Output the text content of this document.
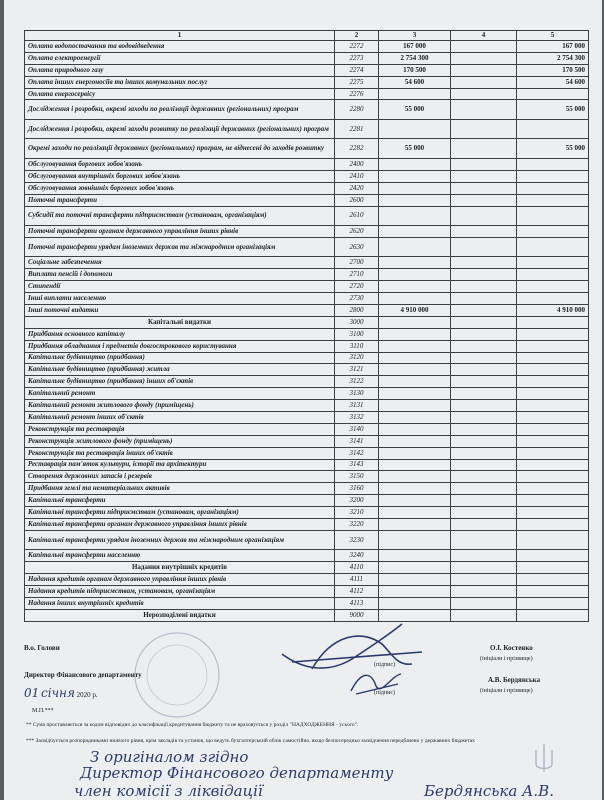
1	2	3	4	5
Оплата водопостачання та водовідведення	2272	167 000		167 000
Оплата електроенергії	2273	2 754 300		2 754 300
Оплата природного газу	2274	170 500		170 500
Оплата інших енергоносіїв та інших комунальних послуг	2275	54 600		54 600
Оплата енергосервісу	2276			
Дослідження і розробки, окремі заходи по реалізації державних (регіональних) програм	2280	55 000		55 000
Дослідження і розробки, окремі заходи розвитку по реалізації державних (регіональних) програм	2281			
Окремі заходи по реалізації державних (регіональних) програм, не віднесені до заходів розвитку	2282	55 000		55 000
Обслуговування боргових зобов'язань	2400			
Обслуговування внутрішніх боргових зобов'язань	2410			
Обслуговування зовнішніх боргових зобов'язань	2420			
Поточні трансферти	2600			
Субсидії та поточні трансферти підприємствам (установам, організаціям)	2610			
Поточні трансферти органам державного управління інших рівнів	2620			
Поточні трансферти урядам іноземних держав та міжнародним організаціям	2630			
Соціальне забезпечення	2700			
Виплата пенсій і допомоги	2710			
Стипендії	2720			
Інші виплати населенню	2730			
Інші поточні видатки	2800	4 910 000		4 910 000
Капітальні видатки	3000			
Придбання основного капіталу	3100			
Придбання обладнання і предметів довгострокового користування	3110			
Капітальне будівництво (придбання)	3120			
Капітальне будівництво (придбання) житла	3121			
Капітальне будівництво (придбання) інших об'єктів	3122			
Капітальний ремонт	3130			
Капітальний ремонт житлового фонду (приміщень)	3131			
Капітальний ремонт інших об'єктів	3132			
Реконструкція та реставрація	3140			
Реконструкція житлового фонду (приміщень)	3141			
Реконструкція та реставрація інших об'єктів	3142			
Реставрація пам'яток культури, історії та архітектури	3143			
Створення державних запасів і резервів	3150			
Придбання землі та нематеріальних активів	3160			
Капітальні трансферти	3200			
Капітальні трансферти підприємствам (установам, організаціям)	3210			
Капітальні трансферти органам державного управління інших рівнів	3220			
Капітальні трансферти урядам іноземних держав та міжнародним організаціям	3230			
Капітальні трансферти населенню	3240			
Надання внутрішніх кредитів	4110			
Надання кредитів органам державного управління інших рівнів	4111			
Надання кредитів підприємствам, установам, організаціям	4112			
Надання інших внутрішніх кредитів	4113			
Нерозподілені видатки	9000			
В.о. Голови
(підпис)
О.І. Костенко
(ініціали і прізвище)
Директор Фінансового департаменту
(підпис)
А.В. Бердянська
(ініціали і прізвище)
01 січня 2020 р.
М.П.***
** Сума проставляється за кодом відповідно до класифікації кредитування бюджету та не враховується у розділ "НАДХОДЖЕННЯ - усього".
*** Засвідчується розпорядниками нижчого рівня, крім закладів та установ, що ведуть бухгалтерський облік самостійно, якщо безпосередньо засвідчення передбачено у державних бюджетах
З оригіналом згідно
Директор Фінансового департаменту
член комісії з ліквідації	Бердянська А.В.
